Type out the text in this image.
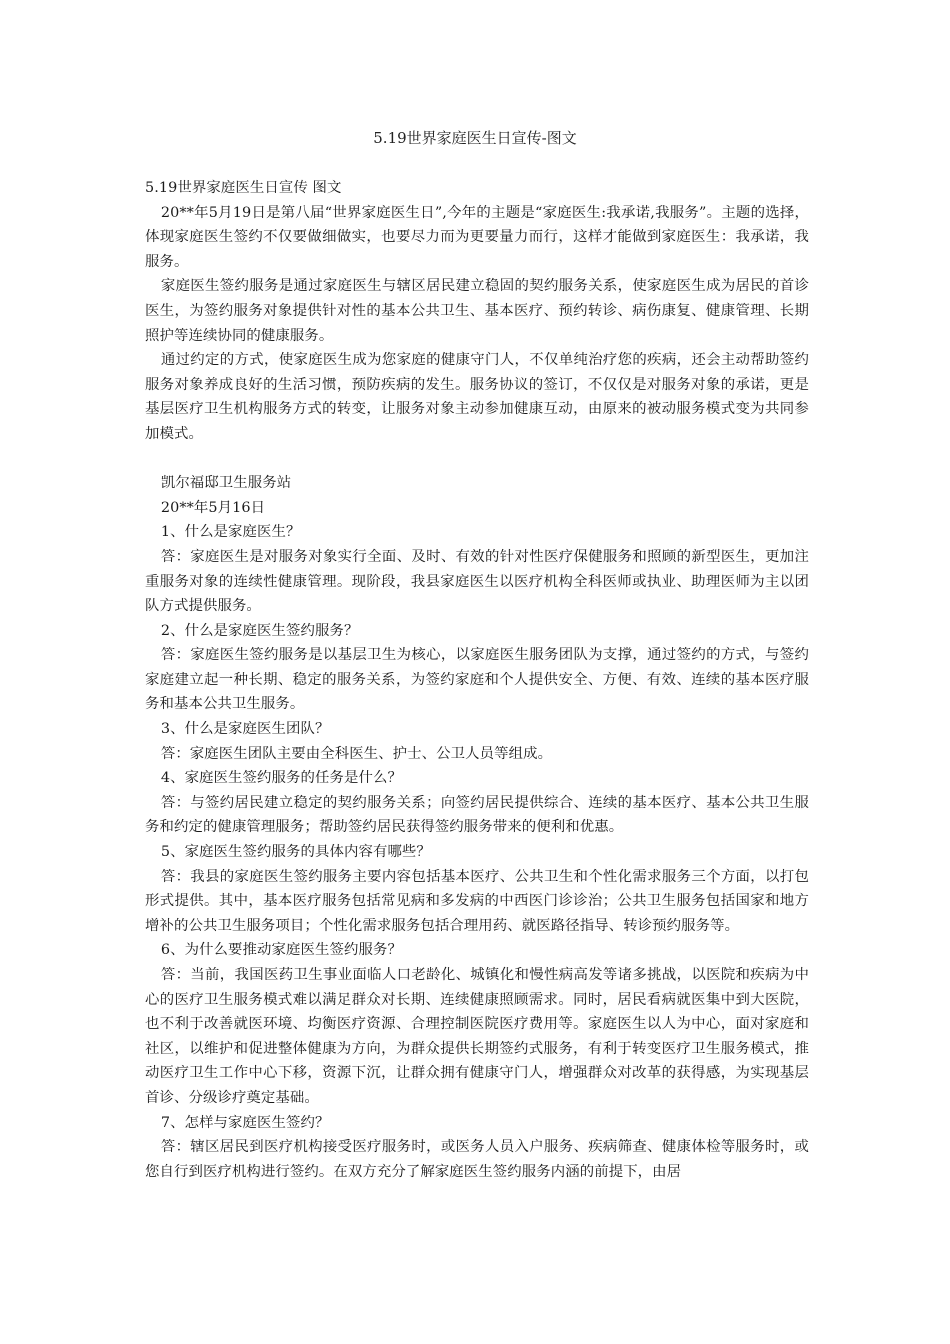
5.19世界家庭医生日宣传-图文

5.19世界家庭医生日宣传 图文

20**年5月19日是第八届“世界家庭医生日”,今年的主题是“家庭医生:我承诺,我服务”。主题的选择，体现家庭医生签约不仅要做细做实，也要尽力而为更要量力而行，这样才能做到家庭医生：我承诺，我服务。

家庭医生签约服务是通过家庭医生与辖区居民建立稳固的契约服务关系，使家庭医生成为居民的首诊医生，为签约服务对象提供针对性的基本公共卫生、基本医疗、预约转诊、病伤康复、健康管理、长期照护等连续协同的健康服务。

通过约定的方式，使家庭医生成为您家庭的健康守门人，不仅单纯治疗您的疾病，还会主动帮助签约服务对象养成良好的生活习惯，预防疾病的发生。服务协议的签订，不仅仅是对服务对象的承诺，更是基层医疗卫生机构服务方式的转变，让服务对象主动参加健康互动，由原来的被动服务模式变为共同参加模式。

凯尔福邸卫生服务站

20**年5月16日

1、什么是家庭医生？

答：家庭医生是对服务对象实行全面、及时、有效的针对性医疗保健服务和照顾的新型医生，更加注重服务对象的连续性健康管理。现阶段，我县家庭医生以医疗机构全科医师或执业、助理医师为主以团队方式提供服务。

2、什么是家庭医生签约服务？

答：家庭医生签约服务是以基层卫生为核心，以家庭医生服务团队为支撑，通过签约的方式，与签约家庭建立起一种长期、稳定的服务关系，为签约家庭和个人提供安全、方便、有效、连续的基本医疗服务和基本公共卫生服务。

3、什么是家庭医生团队？

答：家庭医生团队主要由全科医生、护士、公卫人员等组成。

4、家庭医生签约服务的任务是什么？

答：与签约居民建立稳定的契约服务关系；向签约居民提供综合、连续的基本医疗、基本公共卫生服务和约定的健康管理服务；帮助签约居民获得签约服务带来的便利和优惠。

5、家庭医生签约服务的具体内容有哪些？

答：我县的家庭医生签约服务主要内容包括基本医疗、公共卫生和个性化需求服务三个方面，以打包形式提供。其中，基本医疗服务包括常见病和多发病的中西医门诊诊治；公共卫生服务包括国家和地方增补的公共卫生服务项目；个性化需求服务包括合理用药、就医路径指导、转诊预约服务等。

6、为什么要推动家庭医生签约服务？

答：当前，我国医药卫生事业面临人口老龄化、城镇化和慢性病高发等诸多挑战，以医院和疾病为中心的医疗卫生服务模式难以满足群众对长期、连续健康照顾需求。同时，居民看病就医集中到大医院，也不利于改善就医环境、均衡医疗资源、合理控制医院医疗费用等。家庭医生以人为中心，面对家庭和社区，以维护和促进整体健康为方向，为群众提供长期签约式服务，有利于转变医疗卫生服务模式，推动医疗卫生工作中心下移，资源下沉，让群众拥有健康守门人，增强群众对改革的获得感，为实现基层首诊、分级诊疗奠定基础。

7、怎样与家庭医生签约？

答：辖区居民到医疗机构接受医疗服务时，或医务人员入户服务、疾病筛查、健康体检等服务时，或您自行到医疗机构进行签约。在双方充分了解家庭医生签约服务内涵的前提下，由居
